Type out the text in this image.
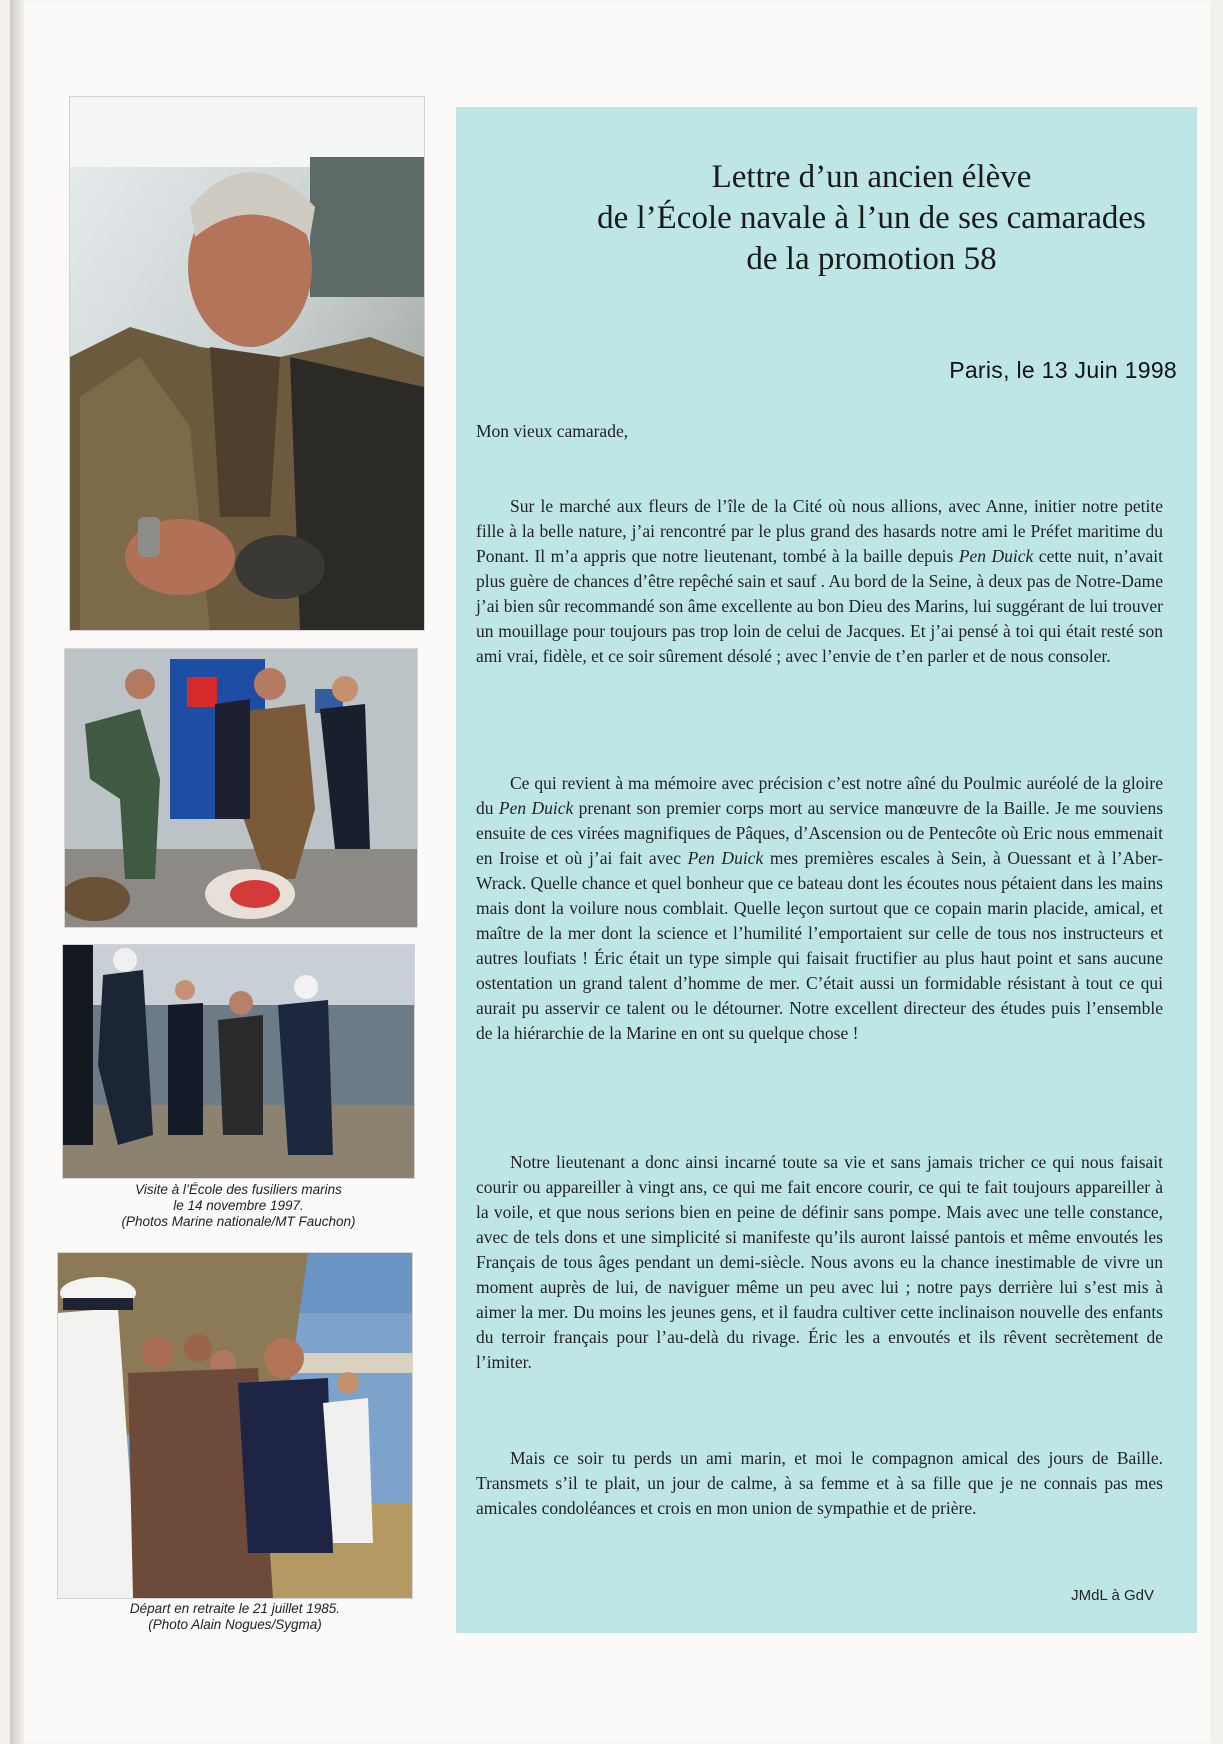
Visite à l’École des fusiliers marins
le 14 novembre 1997.
(Photos Marine nationale/MT Fauchon)
Départ en retraite le 21 juillet 1985.
(Photo Alain Nogues/Sygma)
Lettre d’un ancien élève
de l’École navale à l’un de ses camarades
de la promotion 58
Paris, le 13 Juin 1998
Mon vieux camarade,

Sur le marché aux fleurs de l’île de la Cité où nous allions, avec Anne, initier notre petite fille à la belle nature, j’ai rencontré par le plus grand des hasards notre ami le Préfet maritime du Ponant. Il m’a appris que notre lieutenant, tombé à la baille depuis Pen Duick cette nuit, n’avait plus guère de chances d’être repêché sain et sauf . Au bord de la Seine, à deux pas de Notre-Dame j’ai bien sûr recommandé son âme excellente au bon Dieu des Marins, lui suggérant de lui trouver un mouillage pour toujours pas trop loin de celui de Jacques. Et j’ai pensé à toi qui était resté son ami vrai, fidèle, et ce soir sûrement désolé ; avec l’envie de t’en parler et de nous consoler.

Ce qui revient à ma mémoire avec précision c’est notre aîné du Poulmic auréolé de la gloire du Pen Duick prenant son premier corps mort au service manœuvre de la Baille. Je me souviens ensuite de ces virées magnifiques de Pâques, d’Ascension ou de Pentecôte où Eric nous emmenait en Iroise et où j’ai fait avec Pen Duick mes premières escales à Sein, à Ouessant et à l’Aber-Wrack. Quelle chance et quel bonheur que ce bateau dont les écoutes nous pétaient dans les mains mais dont la voilure nous comblait. Quelle leçon surtout que ce copain marin placide, amical, et maître de la mer dont la science et l’humilité l’emportaient sur celle de tous nos instructeurs et autres loufiats ! Éric était un type simple qui faisait fructifier au plus haut point et sans aucune ostentation un grand talent d’homme de mer. C’était aussi un formidable résistant à tout ce qui aurait pu asservir ce talent ou le détourner. Notre excellent directeur des études puis l’ensemble de la hiérarchie de la Marine en ont su quelque chose !

Notre lieutenant a donc ainsi incarné toute sa vie et sans jamais tricher ce qui nous faisait courir ou appareiller à vingt ans, ce qui me fait encore courir, ce qui te fait toujours appareiller à la voile, et que nous serions bien en peine de définir sans pompe. Mais avec une telle constance, avec de tels dons et une simplicité si manifeste qu’ils auront laissé pantois et même envoutés les Français de tous âges pendant un demi-siècle. Nous avons eu la chance inestimable de vivre un moment auprès de lui, de naviguer même un peu avec lui ; notre pays derrière lui s’est mis à aimer la mer. Du moins les jeunes gens, et il faudra cultiver cette inclinaison nouvelle des enfants du terroir français pour l’au-delà du rivage. Éric les a envoutés et ils rêvent secrètement de l’imiter.

Mais ce soir tu perds un ami marin, et moi le compagnon amical des jours de Baille. Transmets s’il te plait, un jour de calme, à sa femme et à sa fille que je ne connais pas mes amicales condoléances et crois en mon union de sympathie et de prière.

JMdL à GdV
